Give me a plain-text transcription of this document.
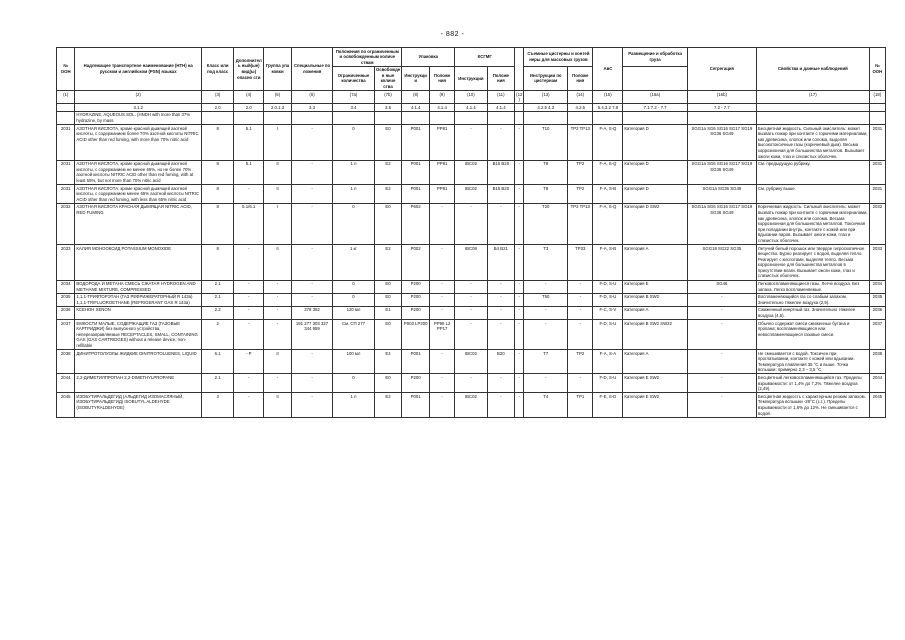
- 882 -
№ ООН	Надлежащее транспортное наименование (НТН) на русском и английском (PSN) языках	Класс или под класс	Дополнитель ный(ые) вид(ы) опасно сти	Группа упа ковки	Специальные по ложения	Положения по ограниченным и освобожденным количе ствам		Упаковка		КСГМГ			Съемные цистерны и контей неры для массовых грузов		АвС	Размещение и обработка груза	Сегрегация	Свойства и данные наблюдений	№ ООН
						Ограниченные количества	Освобожден ные количе ства	Инструкции	Положе ния	Инструкции	Положе ния		Инструкции по цистернам	Положе ния					
(1)	(2)	(3)	(4)	(5)	(6)	(7a)	(7b)	(8)	(9)	(10)	(11)	(12)	(13)	(14)	(15)	(16a)	(16b)	(17)	(18)
	3.1.2	2.0	2.0	2.0.1.3	3.3	3.4	3.5	4.1.4	4.1.4	4.1.4	4.1.4		4.2.5 4.3	4.2.5	5.4.3.2 7.8	7.1 7.2 - 7.7	7.2 - 7.7		
	HYDRAZINE, AQUEOUS SOL. (НNDH with more than 37% hydrazine, by mass																		
2031	АЗОТНАЯ КИСЛОТА, кроме красной дымящей азотной кислоты, с содержанием более 70% азотной кислоты NITRIC ACID other than red fuming, with more than 70% nitric acid	8	5.1	I	-	0	E0	P001	PP81	-	-	-	T10	TP2 TP13	F-A, S-Q	Категория D	SGG1a SG6 SG16 SG17 SG19 SG36 SG49	Бесцветная жидкость. Сильный окислитель: может вызвать пожар при контакте с горючими материалами, как древесина, хлопок или солома, выделяя высокотоксичные газы (коричневый дым). Весьма коррозионная для большинства металлов. Вызывает ожоги кожи, глаз и слизистых оболочек.	2031
2031	АЗОТНАЯ КИСЛОТА, кроме красной дымящей азотной кислоты, с содержанием не менее 65%, но не более 70% азотной кислоты NITRIC ACID other than red fuming, with at least 65%, but not more than 70% nitric acid	8	5.1	II	-	1 л	E2	P001	PP81	IBC02	B15 B20	-	T8	TP2	F-A, S-Q	Категория D	SGG1a SG6 SG16 SG17 SG19 SG36 SG49	См. предыдущую рубрику.	2031
2031	АЗОТНАЯ КИСЛОТА, кроме красной дымящей азотной кислоты, с содержанием менее 65% азотной кислоты NITRIC ACID other than red fuming, with less than 65% nitric acid	8	-	II	-	1 л	E2	P001	PP81	IBC02	B15 B20	-	T8	TP2	F-A, S-B	Категория D	SGG1a SG36 SG49	См. рубрику выше.	2031
2032	АЗОТНАЯ КИСЛОТА КРАСНАЯ ДЫМЯЩАЯ NITRIC ACID, RED FUMING	8	5.1/6.1	I	-	0	E0	P602	-	-	-	-	T20	TP2 TP13	F-A, S-Q	Категория D SW2	SGG1a SG6 SG16 SG17 SG19 SG36 SG49	Коричневая жидкость. Сильный окислитель: может вызвать пожар при контакте с горючими материалами, как древесина, хлопок или солома. Весьма коррозионная для большинства металлов. Токсичная при попадании внутрь, контакте с кожей или при вдыхании паров. Вызывает ожоги кожи, глаз и слизистых оболочек.	2032
2033	КАЛИЯ МОНООКСИД POTASSIUM MONOXIDE	8	-	II	-	1 кг	E2	P002	-	IBC08	B4 B21	-	T3	TP33	F-A, S-B	Категория A	SGG18 SG22 SG35	Летучий белый порошок или твердое гигроскопичное вещество. Бурно реагирует с водой, выделяя тепло. Реагирует с кислотами, выделяя тепло. Весьма коррозионное для большинства металлов в присутствии влаги. Вызывает ожоги кожи, глаз и слизистых оболочек.	2033
2034	ВОДОРОДА И МЕТАНА СМЕСЬ СЖАТАЯ HYDROGEN AND METHANE MIXTURE, COMPRESSED	2.1	-	-	-	0	E0	P200	-	-	-	-	-	-	F-D, S-U	Категория E	SG46	Легковоспламеняющиеся газы. Легче воздуха. Без запаха. Легко воспламеняемые.	2034
2035	1,1,1-ТРИФТОРЭТАН (ГАЗ РЕФРИЖЕРАТОРНЫЙ R 143a) 1,1,1-TRIFLUOROETHANE (REFRIGERANT GAS R 143a)	2.1	-	-	-	0	E0	P200	-	-	-	-	T50	-	F-D, S-U	Категория B SW2	-	Воспламеняющийся газ со слабым запахом. Значительно тяжелее воздуха (2,9).	2035
2036	КСЕНОН XENON	2.2	-	-	378 392	120 мл	E1	P200	-	-	-	-	-	-	F-C, S-V	Категория A	-	Сжиженный инертный газ. Значительно тяжелее воздуха (4,5).	2036
2037	ЕМКОСТИ МАЛЫЕ, СОДЕРЖАЩИЕ ГАЗ (ГАЗОВЫЕ КАРТРИДЖИ) без выпускного устройства, неперезаправляемые RECEPTACLES, SMALL, CONTAINING GAS (GAS CARTRIDGES) without a release device, non-refillable	2	-	-	191 277 303 327 344 959	См. СП 277	E0	P003 LP200	PP96 L2 PP17	-	-	-	-	-	F-D, S-U	Категория B SW2 SW22	-	Обычно содержат смеси сжиженных бутана и пропана; воспламеняющиеся или невоспламеняющиеся газовые смеси.	2037
2038	ДИНИТРОТОЛУОЛЫ ЖИДКИЕ DINITROTOLUENES, LIQUID	6.1	- P	II	-	100 мл	E4	P001	-	IBC02	B20	-	T7	TP2	F-A, S-A	Категория A	-	Не смешивается с водой. Токсичен при проглатывании, контакте с кожей или вдыхании. Температура плавления 35 °С и выше. Точка вспышки: примерно 2,3 – 3,5 °C.	2038
2044	2,2-ДИМЕТИЛПРОПАН 2,2-DIMETHYLPROPANE	2.1	-	-	-	0	E0	P200	-	-	-	-	-	-	F-D, S-U	Категория E SW2	-	Бесцветный легковоспламеняющийся газ. Пределы взрываемости: от 1,4% до 7,2%. Тяжелее воздуха (2,49).	2044
2045	ИЗОБУТИРАЛЬДЕГИД (АЛЬДЕГИД ИЗОМАСЛЯНЫЙ, ИЗОБУТИРАЛЬДЕГИД) ISOBUTYL ALDEHYDE (ISOBUTYRALDEHYDE)	3	-	II	-	1 л	E2	P001	-	IBC02	-	-	T4	TP1	F-E, S-D	Категория E SW2	-	Бесцветная жидкость с характерным резким запахом. Температура вспышки -28°C (з.т.). Пределы взрываемости от 1,6% до 12%. Не смешивается с водой.	2045
